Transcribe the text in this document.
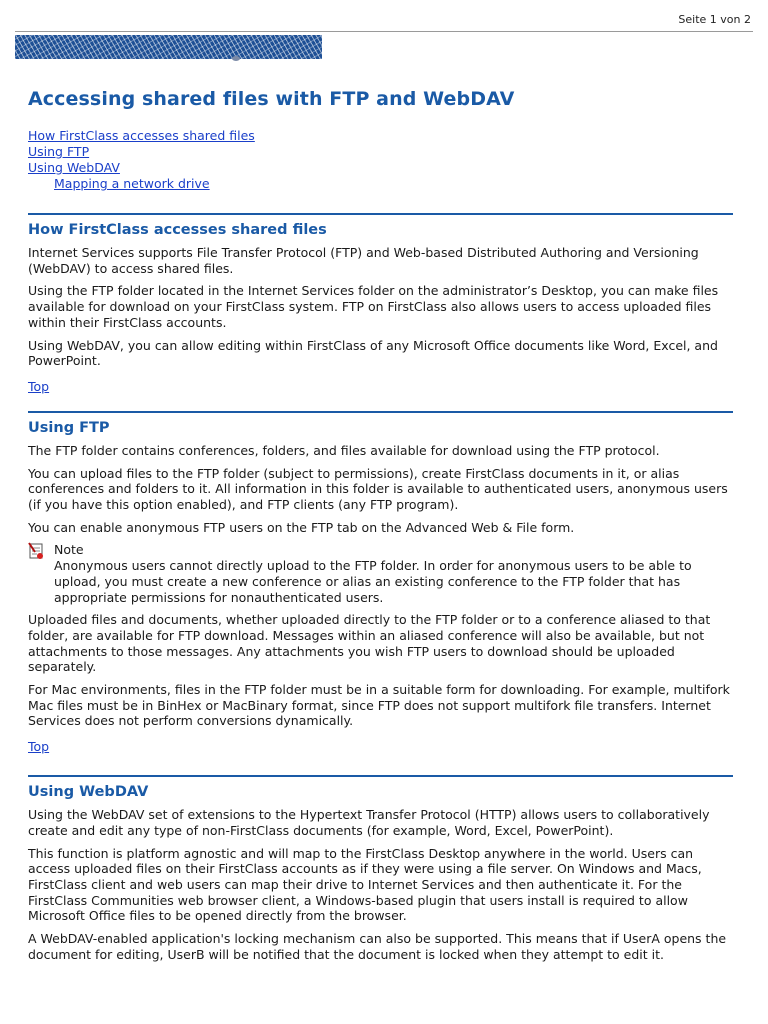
Seite 1 von 2
Accessing shared files with FTP and WebDAV
How FirstClass accesses shared files
Using FTP
Using WebDAV
Mapping a network drive
How FirstClass accesses shared files

Internet Services supports File Transfer Protocol (FTP) and Web-based Distributed Authoring and Versioning (WebDAV) to access shared files.

Using the FTP folder located in the Internet Services folder on the administrator’s Desktop, you can make files available for download on your FirstClass system. FTP on FirstClass also allows users to access uploaded files within their FirstClass accounts.

Using WebDAV, you can allow editing within FirstClass of any Microsoft Office documents like Word, Excel, and PowerPoint.

Top
Using FTP

The FTP folder contains conferences, folders, and files available for download using the FTP protocol.

You can upload files to the FTP folder (subject to permissions), create FirstClass documents in it, or alias conferences and folders to it. All information in this folder is available to authenticated users, anonymous users (if you have this option enabled), and FTP clients (any FTP program).

You can enable anonymous FTP users on the FTP tab on the Advanced Web & File form.

Note
Anonymous users cannot directly upload to the FTP folder. In order for anonymous users to be able to upload, you must create a new conference or alias an existing conference to the FTP folder that has appropriate permissions for nonauthenticated users.

Uploaded files and documents, whether uploaded directly to the FTP folder or to a conference aliased to that folder, are available for FTP download. Messages within an aliased conference will also be available, but not attachments to those messages. Any attachments you wish FTP users to download should be uploaded separately.

For Mac environments, files in the FTP folder must be in a suitable form for downloading. For example, multifork Mac files must be in BinHex or MacBinary format, since FTP does not support multifork file transfers. Internet Services does not perform conversions dynamically.

Top
Using WebDAV

Using the WebDAV set of extensions to the Hypertext Transfer Protocol (HTTP) allows users to collaboratively create and edit any type of non-FirstClass documents (for example, Word, Excel, PowerPoint).

This function is platform agnostic and will map to the FirstClass Desktop anywhere in the world. Users can access uploaded files on their FirstClass accounts as if they were using a file server. On Windows and Macs, FirstClass client and web users can map their drive to Internet Services and then authenticate it. For the FirstClass Communities web browser client, a Windows-based plugin that users install is required to allow Microsoft Office files to be opened directly from the browser.

A WebDAV-enabled application's locking mechanism can also be supported. This means that if UserA opens the document for editing, UserB will be notified that the document is locked when they attempt to edit it.
